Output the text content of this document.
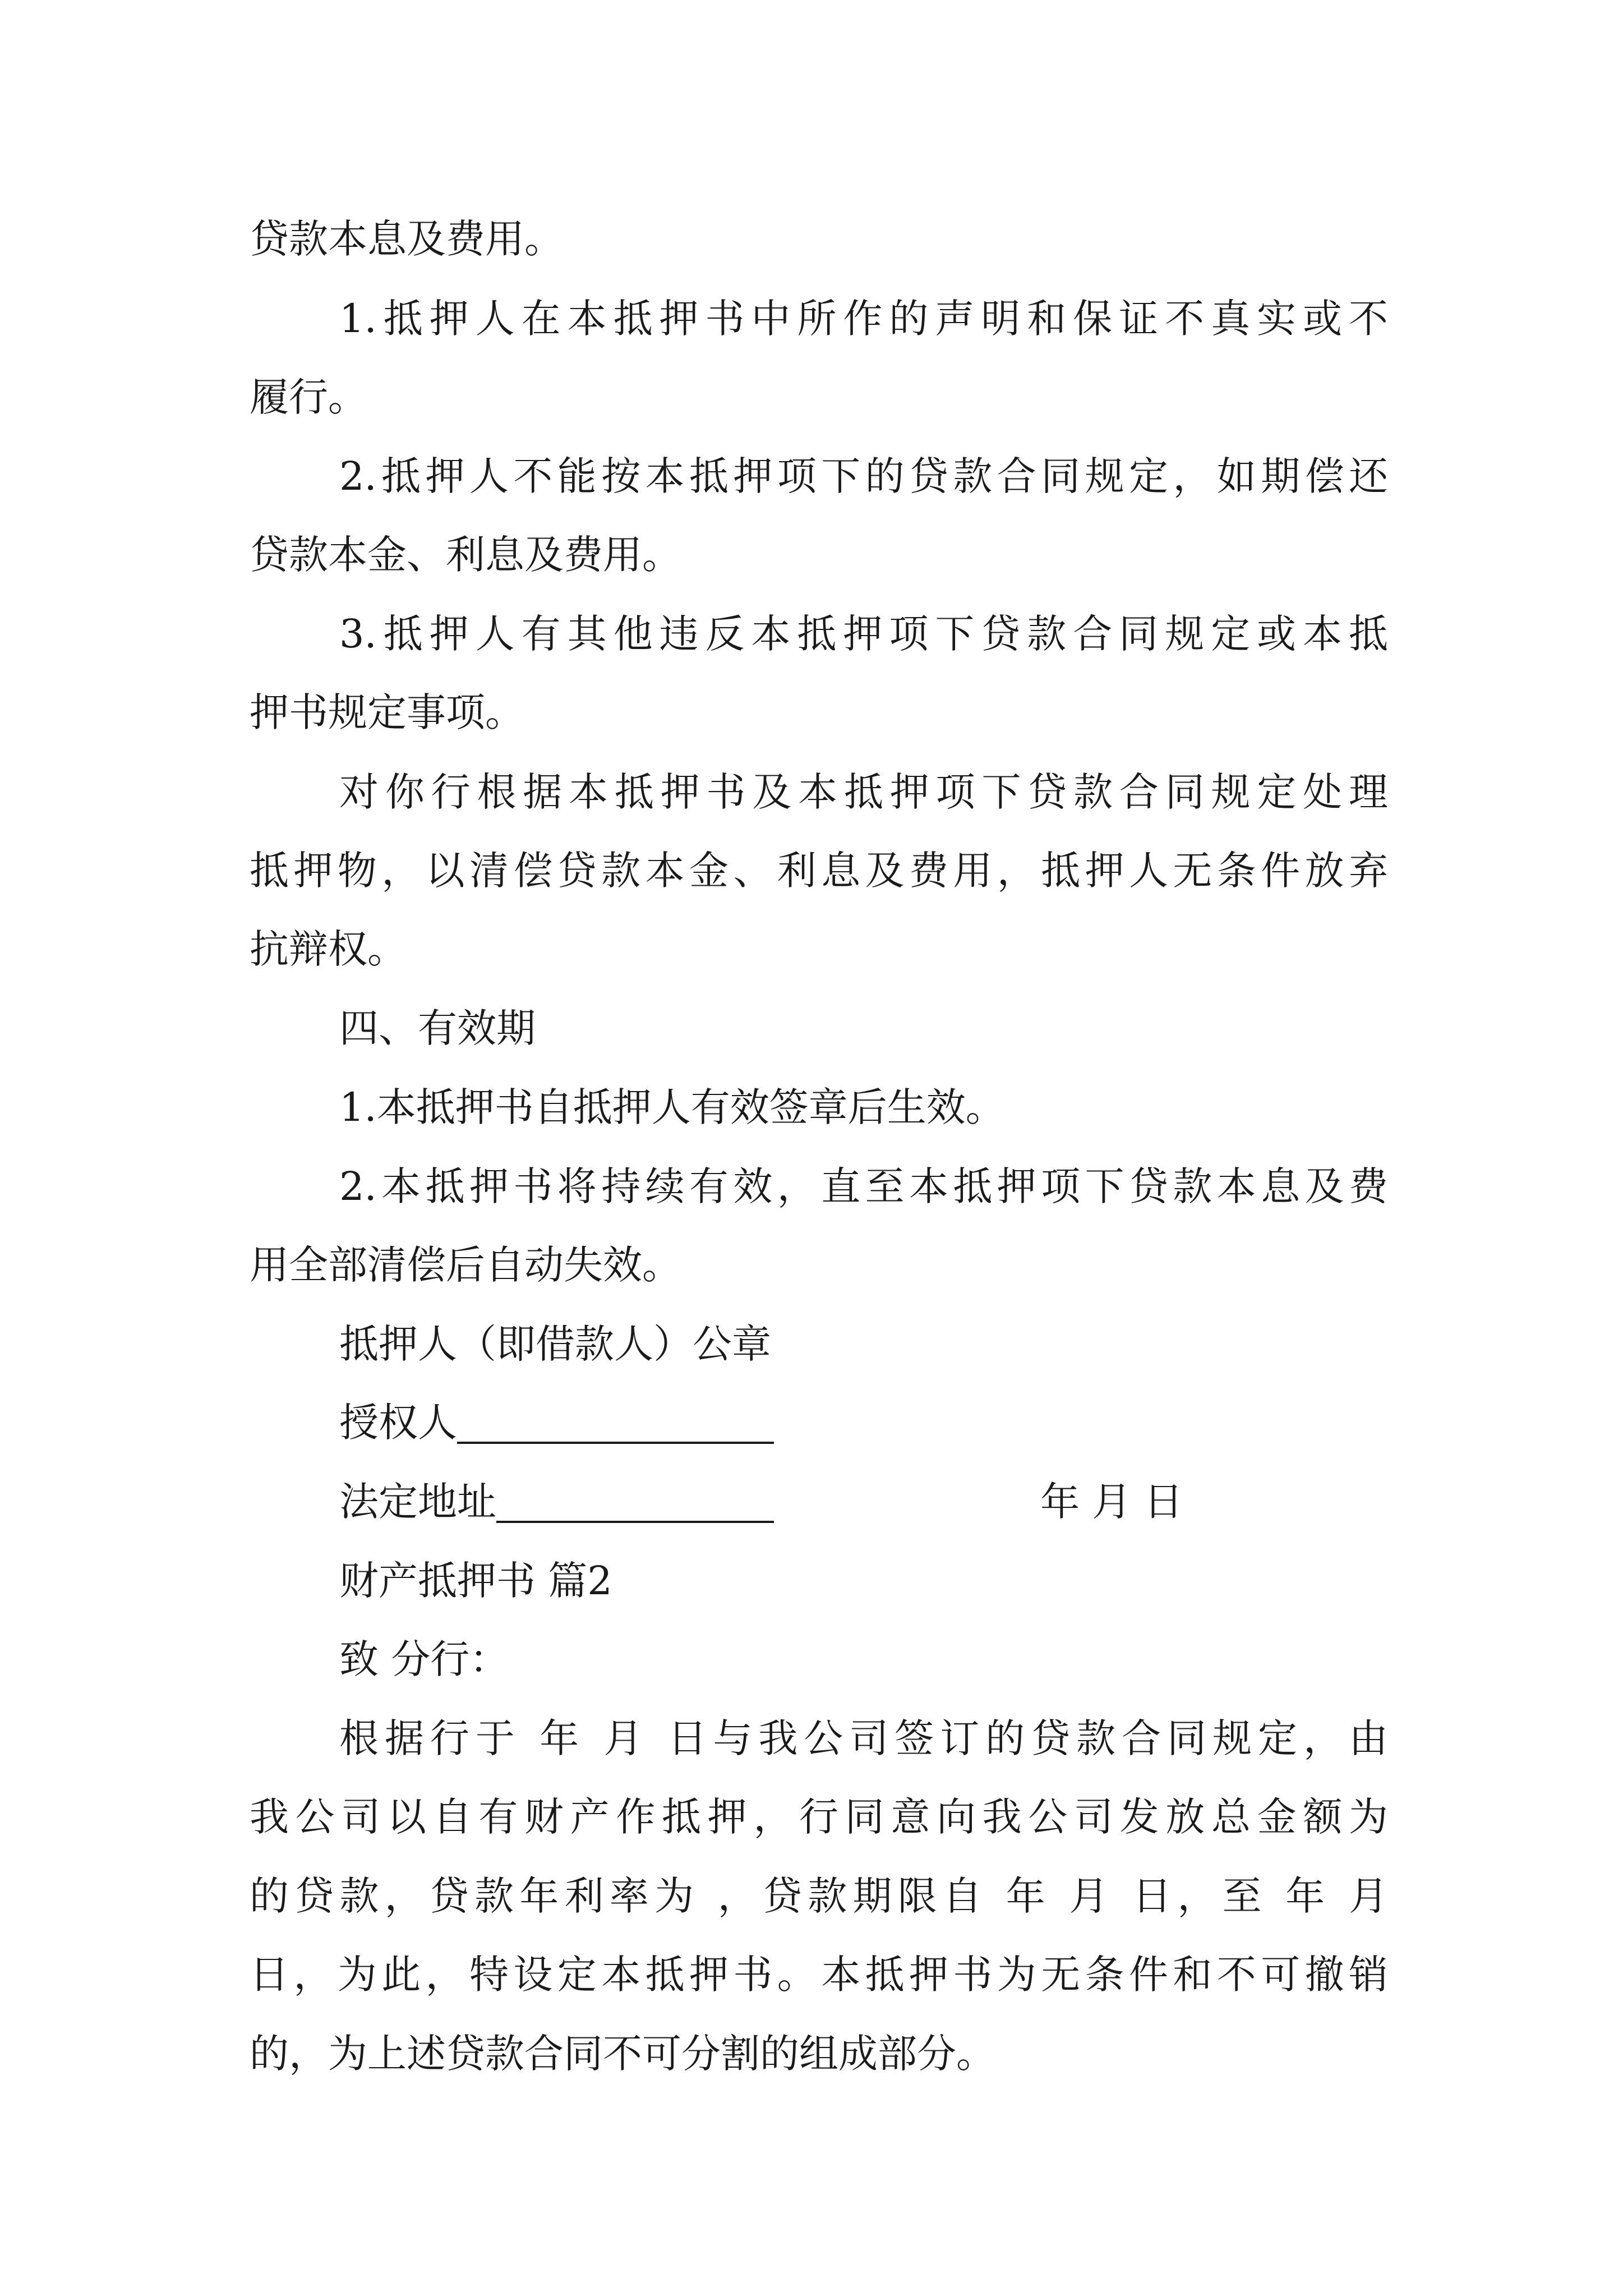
贷款本息及费用。

1.抵押人在本抵押书中所作的声明和保证不真实或不

履行。

2.抵押人不能按本抵押项下的贷款合同规定，如期偿还

贷款本金、利息及费用。

3.抵押人有其他违反本抵押项下贷款合同规定或本抵

押书规定事项。

对你行根据本抵押书及本抵押项下贷款合同规定处理

抵押物，以清偿贷款本金、利息及费用，抵押人无条件放弃

抗辩权。

四、有效期

1.本抵押书自抵押人有效签章后生效。

2.本抵押书将持续有效，直至本抵押项下贷款本息及费

用全部清偿后自动失效。

抵押人（即借款人）公章

授权人

法定地址	年 月 日

财产抵押书 篇2

致 分行：

根据行于 年 月 日与我公司签订的贷款合同规定，由

我公司以自有财产作抵押，行同意向我公司发放总金额为

的贷款，贷款年利率为 ，贷款期限自 年 月 日，至 年 月

日，为此，特设定本抵押书。本抵押书为无条件和不可撤销

的，为上述贷款合同不可分割的组成部分。
